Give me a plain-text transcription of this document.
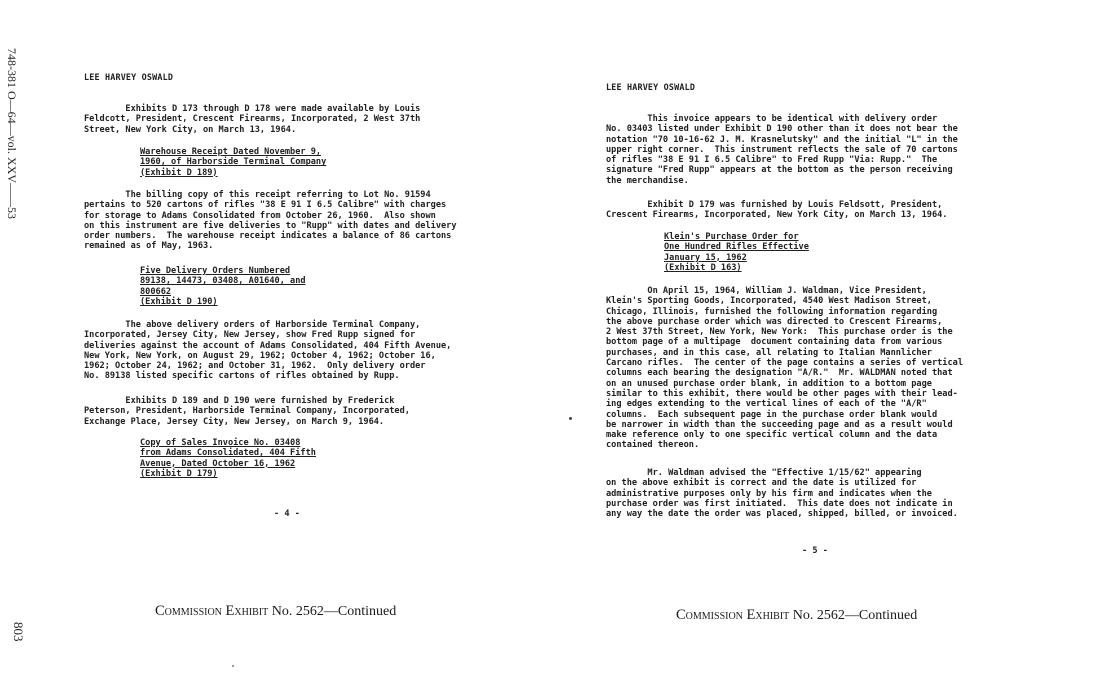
748-381 O—64—vol. XXV——53
803
LEE HARVEY OSWALD
Exhibits D 173 through D 178 were made available by Louis
Feldcott, President, Crescent Firearms, Incorporated, 2 West 37th
Street, New York City, on March 13, 1964.
Warehouse Receipt Dated November 9,
1960, of Harborside Terminal Company
(Exhibit D 189)
The billing copy of this receipt referring to Lot No. 91594
pertains to 520 cartons of rifles "38 E 91 I 6.5 Calibre" with charges
for storage to Adams Consolidated from October 26, 1960.  Also shown
on this instrument are five deliveries to "Rupp" with dates and delivery
order numbers.  The warehouse receipt indicates a balance of 86 cartons
remained as of May, 1963.
Five Delivery Orders Numbered
89138, 14473, 03408, A01640, and
800662
(Exhibit D 190)
The above delivery orders of Harborside Terminal Company,
Incorporated, Jersey City, New Jersey, show Fred Rupp signed for
deliveries against the account of Adams Consolidated, 404 Fifth Avenue,
New York, New York, on August 29, 1962; October 4, 1962; October 16,
1962; October 24, 1962; and October 31, 1962.  Only delivery order
No. 89138 listed specific cartons of rifles obtained by Rupp.
Exhibits D 189 and D 190 were furnished by Frederick
Peterson, President, Harborside Terminal Company, Incorporated,
Exchange Place, Jersey City, New Jersey, on March 9, 1964.
Copy of Sales Invoice No. 03408
from Adams Consolidated, 404 Fifth
Avenue, Dated October 16, 1962
(Exhibit D 179)
- 4 -
LEE HARVEY OSWALD
This invoice appears to be identical with delivery order
No. 03403 listed under Exhibit D 190 other than it does not bear the
notation "70 10-16-62 J. M. Krasnelutsky" and the initial "L" in the
upper right corner.  This instrument reflects the sale of 70 cartons
of rifles "38 E 91 I 6.5 Calibre" to Fred Rupp "Via: Rupp."  The
signature "Fred Rupp" appears at the bottom as the person receiving
the merchandise.
Exhibit D 179 was furnished by Louis Feldsott, President,
Crescent Firearms, Incorporated, New York City, on March 13, 1964.
Klein's Purchase Order for
One Hundred Rifles Effective
January 15, 1962
(Exhibit D 163)
On April 15, 1964, William J. Waldman, Vice President,
Klein's Sporting Goods, Incorporated, 4540 West Madison Street,
Chicago, Illinois, furnished the following information regarding
the above purchase order which was directed to Crescent Firearms,
2 West 37th Street, New York, New York:  This purchase order is the
bottom page of a multipage  document containing data from various
purchases, and in this case, all relating to Italian Mannlicher
Carcano rifles.  The center of the page contains a series of vertical
columns each bearing the designation "A/R."  Mr. WALDMAN noted that
on an unused purchase order blank, in addition to a bottom page
similar to this exhibit, there would be other pages with their lead-
ing edges extending to the vertical lines of each of the "A/R"
columns.  Each subsequent page in the purchase order blank would
be narrower in width than the succeeding page and as a result would
make reference only to one specific vertical column and the data
contained thereon.
Mr. Waldman advised the "Effective 1/15/62" appearing
on the above exhibit is correct and the date is utilized for
administrative purposes only by his firm and indicates when the
purchase order was first initiated.  This date does not indicate in
any way the date the order was placed, shipped, billed, or invoiced.
- 5 -
Commission Exhibit No. 2562—Continued	Commission Exhibit No. 2562—Continued
